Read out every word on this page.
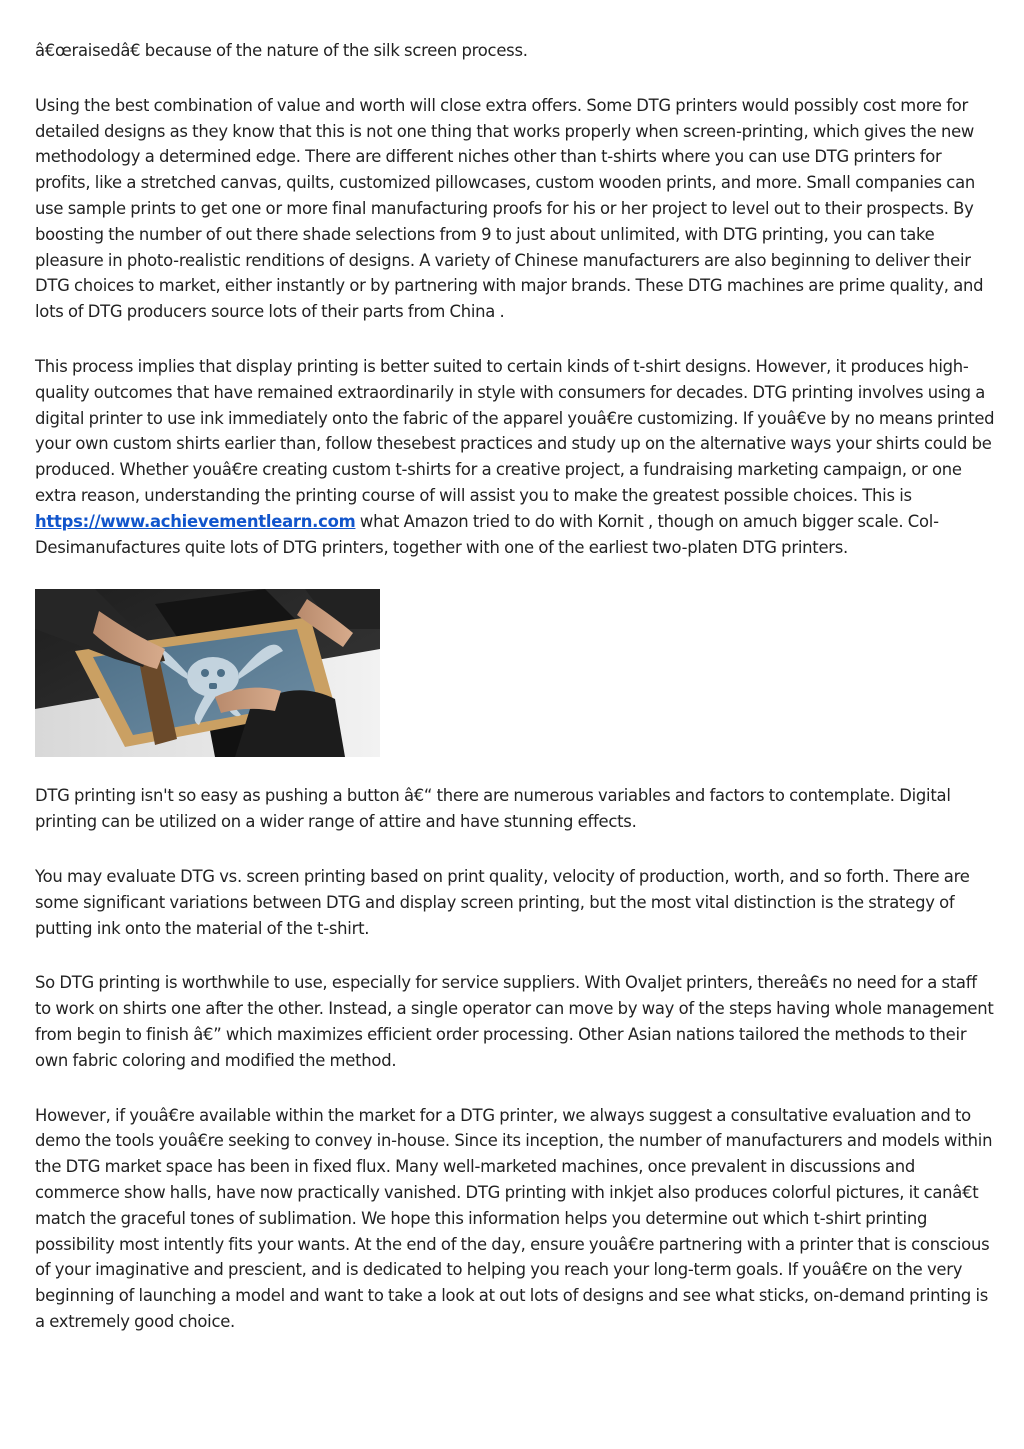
â€œraisedâ€ because of the nature of the silk screen process.

Using the best combination of value and worth will close extra offers. Some DTG printers would possibly cost more for detailed designs as they know that this is not one thing that works properly when screen-printing, which gives the new methodology a determined edge. There are different niches other than t-shirts where you can use DTG printers for profits, like a stretched canvas, quilts, customized pillowcases, custom wooden prints, and more. Small companies can use sample prints to get one or more final manufacturing proofs for his or her project to level out to their prospects. By boosting the number of out there shade selections from 9 to just about unlimited, with DTG printing, you can take pleasure in photo-realistic renditions of designs. A variety of Chinese manufacturers are also beginning to deliver their DTG choices to market, either instantly or by partnering with major brands. These DTG machines are prime quality, and lots of DTG producers source lots of their parts from China .

This process implies that display printing is better suited to certain kinds of t-shirt designs. However, it produces high-quality outcomes that have remained extraordinarily in style with consumers for decades. DTG printing involves using a digital printer to use ink immediately onto the fabric of the apparel youâ€re customizing. If youâ€ve by no means printed your own custom shirts earlier than, follow thesebest practices and study up on the alternative ways your shirts could be produced. Whether youâ€re creating custom t-shirts for a creative project, a fundraising marketing campaign, or one extra reason, understanding the printing course of will assist you to make the greatest possible choices. This is https://www.achievementlearn.com what Amazon tried to do with Kornit , though on amuch bigger scale. Col-Desimanufactures quite lots of DTG printers, together with one of the earliest two-platen DTG printers.

DTG printing isn't so easy as pushing a button â€“ there are numerous variables and factors to contemplate. Digital printing can be utilized on a wider range of attire and have stunning effects.

You may evaluate DTG vs. screen printing based on print quality, velocity of production, worth, and so forth. There are some significant variations between DTG and display screen printing, but the most vital distinction is the strategy of putting ink onto the material of the t-shirt.

So DTG printing is worthwhile to use, especially for service suppliers. With Ovaljet printers, thereâ€s no need for a staff to work on shirts one after the other. Instead, a single operator can move by way of the steps having whole management from begin to finish â€” which maximizes efficient order processing. Other Asian nations tailored the methods to their own fabric coloring and modified the method.

However, if youâ€re available within the market for a DTG printer, we always suggest a consultative evaluation and to demo the tools youâ€re seeking to convey in-house. Since its inception, the number of manufacturers and models within the DTG market space has been in fixed flux. Many well-marketed machines, once prevalent in discussions and commerce show halls, have now practically vanished. DTG printing with inkjet also produces colorful pictures, it canâ€t match the graceful tones of sublimation. We hope this information helps you determine out which t-shirt printing possibility most intently fits your wants. At the end of the day, ensure youâ€re partnering with a printer that is conscious of your imaginative and prescient, and is dedicated to helping you reach your long-term goals. If youâ€re on the very beginning of launching a model and want to take a look at out lots of designs and see what sticks, on-demand printing is a extremely good choice.
